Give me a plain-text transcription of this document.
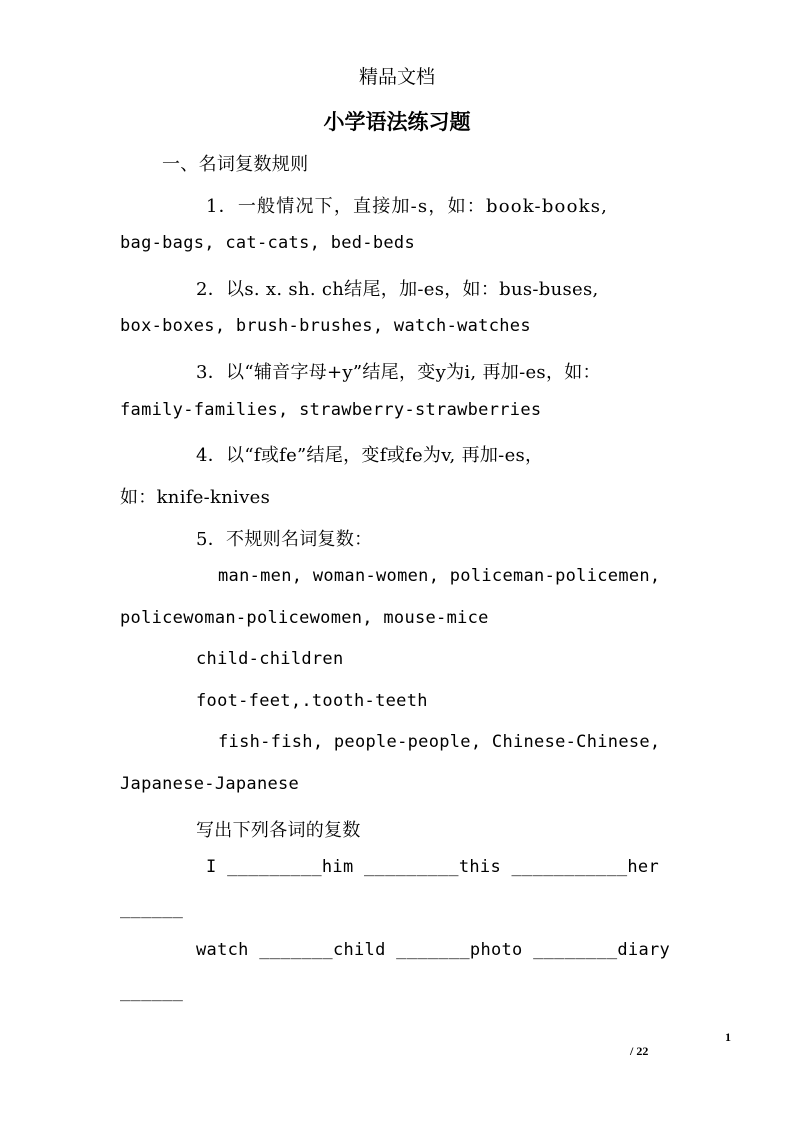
精品文档
小学语法练习题
一、名词复数规则
1．一般情况下，直接加-s，如：book-books,
bag-bags, cat-cats, bed-beds
2．以s. x. sh. ch结尾，加-es，如：bus-buses,
box-boxes, brush-brushes, watch-watches
3．以“辅音字母+y”结尾，变y为i, 再加-es，如：
family-families, strawberry-strawberries
4．以“f或fe”结尾，变f或fe为v, 再加-es，
如：knife-knives
5．不规则名词复数：
man-men, woman-women, policeman-policemen,
policewoman-policewomen, mouse-mice
child-children
foot-feet,.tooth-teeth
fish-fish, people-people, Chinese-Chinese,
Japanese-Japanese
写出下列各词的复数
I _________him _________this ___________her
______
watch _______child _______photo ________diary
______
1
/ 22
